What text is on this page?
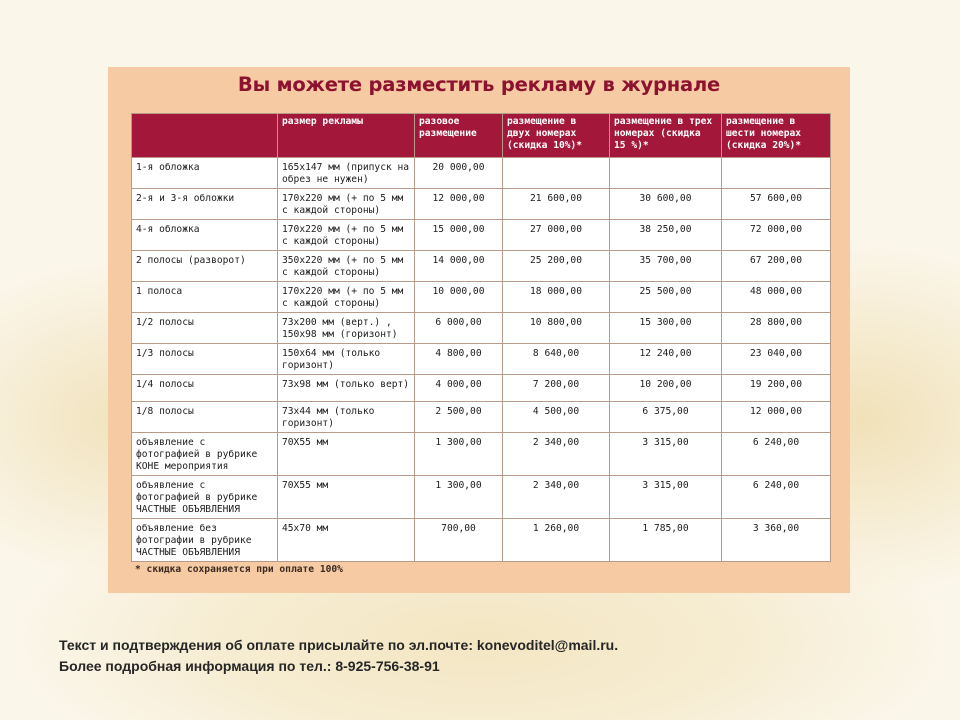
Вы можете разместить рекламу в журнале
	размер рекламы	разовое размещение	размещение в двух номерах (скидка 10%)*	размещение в трех номерах (скидка 15 %)*	размещение в шести номерах (скидка 20%)*
1-я обложка	165x147 мм (припуск на обрез не нужен)	20 000,00			
2-я и 3-я обложки	170x220 мм (+ по 5 мм с каждой стороны)	12 000,00	21 600,00	30 600,00	57 600,00
4-я обложка	170x220 мм (+ по 5 мм с каждой стороны)	15 000,00	27 000,00	38 250,00	72 000,00
2 полосы (разворот)	350x220 мм (+ по 5 мм с каждой стороны)	14 000,00	25 200,00	35 700,00	67 200,00
1 полоса	170x220 мм (+ по 5 мм с каждой стороны)	10 000,00	18 000,00	25 500,00	48 000,00
1/2 полосы	73x200 мм (верт.) , 150x98 мм (горизонт)	6 000,00	10 800,00	15 300,00	28 800,00
1/3 полосы	150x64 мм (только горизонт)	4 800,00	8 640,00	12 240,00	23 040,00
1/4 полосы	73x98 мм (только верт)	4 000,00	7 200,00	10 200,00	19 200,00
1/8 полосы	73x44 мм (только горизонт)	2 500,00	4 500,00	6 375,00	12 000,00
объявление с фотографией в рубрике КОНЕ мероприятия	70X55 мм	1 300,00	2 340,00	3 315,00	6 240,00
объявление с фотографией в рубрике ЧАСТНЫЕ ОБЪЯВЛЕНИЯ	70X55 мм	1 300,00	2 340,00	3 315,00	6 240,00
объявление без фотографии в рубрике ЧАСТНЫЕ ОБЪЯВЛЕНИЯ	45x70 мм	700,00	1 260,00	1 785,00	3 360,00
* скидка сохраняется при оплате 100%
Текст и подтверждения об оплате присылайте по эл.почте: konevoditel@mail.ru.
Более подробная информация по тел.: 8-925-756-38-91
